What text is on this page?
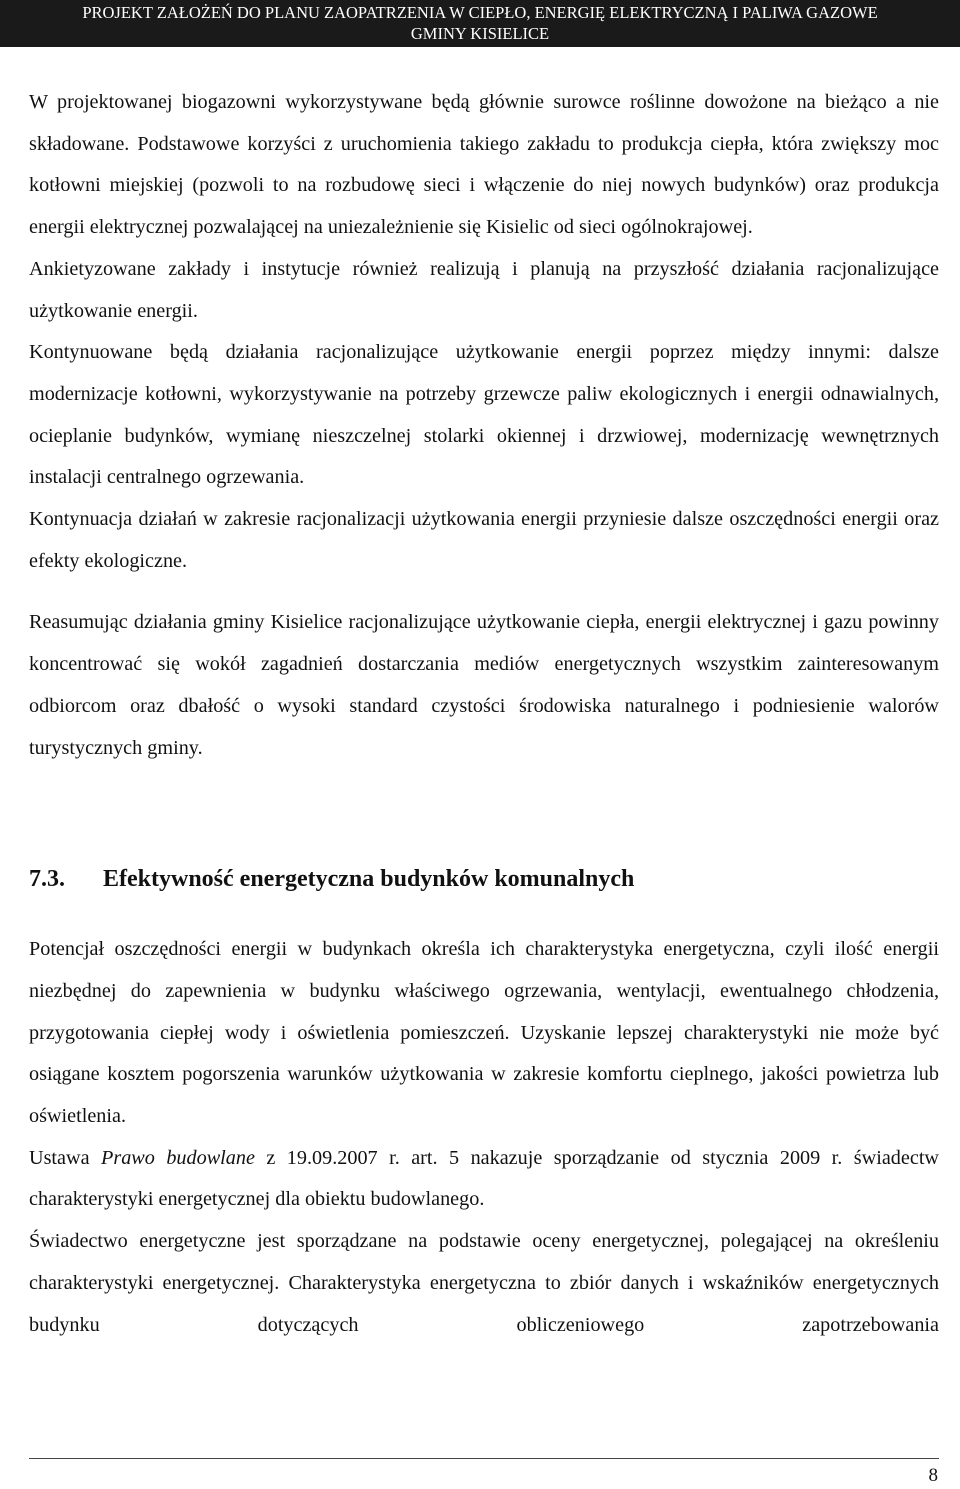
PROJEKT ZAŁOŻEŃ DO PLANU ZAOPATRZENIA W CIEPŁO, ENERGIĘ ELEKTRYCZNĄ I PALIWA GAZOWE
GMINY KISIELICE

W projektowanej biogazowni wykorzystywane będą głównie surowce roślinne dowożone na bieżąco a nie składowane. Podstawowe korzyści z uruchomienia takiego zakładu to produkcja ciepła, która zwiększy moc kotłowni miejskiej (pozwoli to na rozbudowę sieci i włączenie do niej nowych budynków) oraz produkcja energii elektrycznej pozwalającej na uniezależnienie się Kisielic od sieci ogólnokrajowej.

Ankietyzowane zakłady i instytucje również realizują i planują na przyszłość działania racjonalizujące użytkowanie energii.

Kontynuowane będą działania racjonalizujące użytkowanie energii poprzez między innymi: dalsze modernizacje kotłowni, wykorzystywanie na potrzeby grzewcze paliw ekologicznych i energii odnawialnych, ocieplanie budynków, wymianę nieszczelnej stolarki okiennej i drzwiowej, modernizację wewnętrznych instalacji centralnego ogrzewania.

Kontynuacja działań w zakresie racjonalizacji użytkowania energii przyniesie dalsze oszczędności energii oraz efekty ekologiczne.

Reasumując działania gminy Kisielice racjonalizujące użytkowanie ciepła, energii elektrycznej i gazu powinny koncentrować się wokół zagadnień dostarczania mediów energetycznych wszystkim zainteresowanym odbiorcom oraz dbałość o wysoki standard czystości środowiska naturalnego i podniesienie walorów turystycznych gminy.

7.3. Efektywność energetyczna budynków komunalnych

Potencjał oszczędności energii w budynkach określa ich charakterystyka energetyczna, czyli ilość energii niezbędnej do zapewnienia w budynku właściwego ogrzewania, wentylacji, ewentualnego chłodzenia, przygotowania ciepłej wody i oświetlenia pomieszczeń. Uzyskanie lepszej charakterystyki nie może być osiągane kosztem pogorszenia warunków użytkowania w zakresie komfortu cieplnego, jakości powietrza lub oświetlenia.

Ustawa Prawo budowlane z 19.09.2007 r. art. 5 nakazuje sporządzanie od stycznia 2009 r. świadectw charakterystyki energetycznej dla obiektu budowlanego.

Świadectwo energetyczne jest sporządzane na podstawie oceny energetycznej, polegającej na określeniu charakterystyki energetycznej. Charakterystyka energetyczna to zbiór danych i wskaźników energetycznych budynku dotyczących obliczeniowego zapotrzebowania

8
